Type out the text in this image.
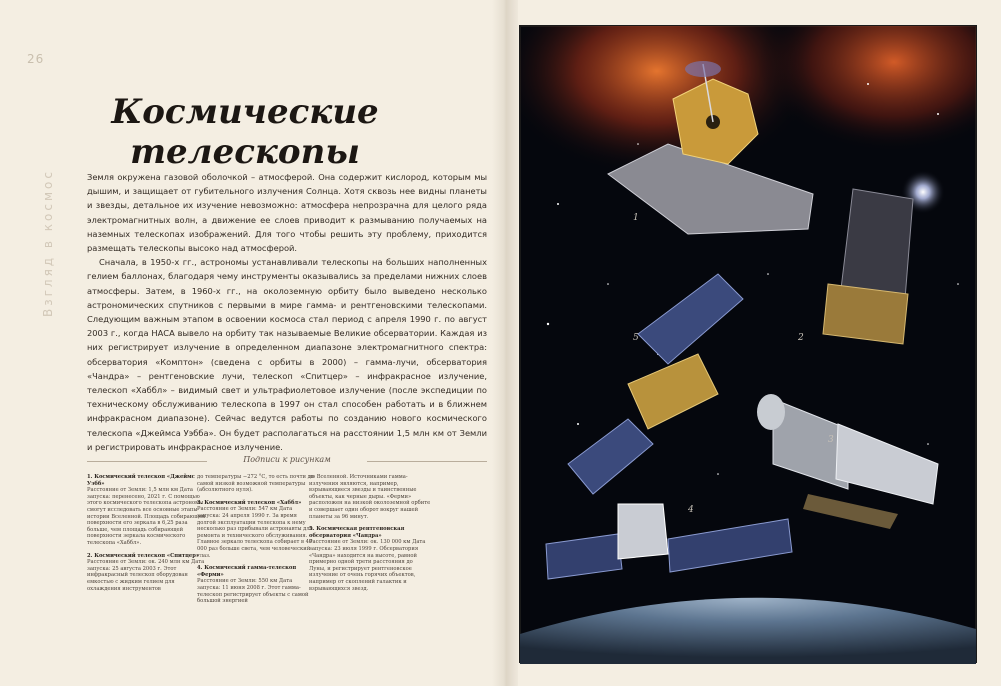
26
Взгляд в космос
Космические
телескопы

Земля окружена газовой оболочкой – атмосферой. Она содержит кислород, которым мы дышим, и защищает от губительного излучения Солнца. Хотя сквозь нее видны планеты и звезды, детальное их изучение невозможно: атмосфера непрозрачна для целого ряда электромагнитных волн, а движение ее слоев приводит к размыванию получаемых на наземных телескопах изображений. Для того чтобы решить эту проблему, приходится размещать телескопы высоко над атмосферой.

Сначала, в 1950-х гг., астрономы устанавливали телескопы на больших наполненных гелием баллонах, благодаря чему инструменты оказывались за пределами нижних слоев атмосферы. Затем, в 1960-х гг., на околоземную орбиту было выведено несколько астрономических спутников с первыми в мире гамма- и рентгеновскими телескопами. Следующим важным этапом в освоении космоса стал период с апреля 1990 г. по август 2003 г., когда НАСА вывело на орбиту так называемые Великие обсерватории. Каждая из них регистрирует излучение в определенном диапазоне электромагнитного спектра: обсерватория «Комптон» (сведена с орбиты в 2000) – гамма-лучи, обсерватория «Чандра» – рентгеновские лучи, телескоп «Спитцер» – инфракрасное излучение, телескоп «Хаббл» – видимый свет и ультрафиолетовое излучение (после экспедиции по техническому обслуживанию телескопа в 1997 он стал способен работать и в ближнем инфракрасном диапазоне). Сейчас ведутся работы по созданию нового космического телескопа «Джеймса Уэбба». Он будет располагаться на расстоянии 1,5 млн км от Земли и регистрировать инфракрасное излучение.

Подписи к рисункам
1. Космический телескоп «Джеймс Уэбб»
Расстояние от Земли: 1,5 млн км Дата запуска: перенесено, 2021 г. С помощью этого космического телескопа астрономы смогут исследовать все основные этапы истории Вселенной. Площадь собирающей поверхности его зеркала в 6,25 раза больше, чем площадь собирающей поверхности зеркала космического телескопа «Хаббл».
2. Космический телескоп «Спитцер»
Расстояние от Земли: ок. 240 млн км Дата запуска: 25 августа 2003 г. Этот инфракрасный телескоп оборудован емкостью с жидким гелием для охлаждения инструментов
до температуры −272 °С, то есть почти до самой низкой возможной температуры (абсолютного нуля).
3. Космический телескоп «Хаббл»
Расстояние от Земли: 547 км Дата запуска: 24 апреля 1990 г. За время долгой эксплуатации телескопа к нему несколько раз прибывали астронавты для ремонта и технического обслуживания. Главное зеркало телескопа собирает в 40 000 раз больше света, чем человеческий глаз.
4. Космический гамма-телескоп «Ферми»
Расстояние от Земли: 550 км Дата запуска: 11 июня 2008 г. Этот гамма-телескоп регистрирует объекты с самой большой энергией
во Вселенной. Источниками гамма-излучения являются, например, взрывающиеся звезды и таинственные объекты, как черные дыры. «Ферми» расположен на низкой околоземной орбите и совершает один оборот вокруг нашей планеты за 96 минут.
5. Космическая рентгеновская обсерватория «Чандра»
Расстояние от Земли: ок. 130 000 км Дата запуска: 23 июля 1999 г. Обсерватория «Чандра» находится на высоте, равной примерно одной трети расстояния до Луны, и регистрирует рентгеновское излучение от очень горячих объектов, например от скоплений галактик и взрывающихся звезд.
1
2
3
4
5
